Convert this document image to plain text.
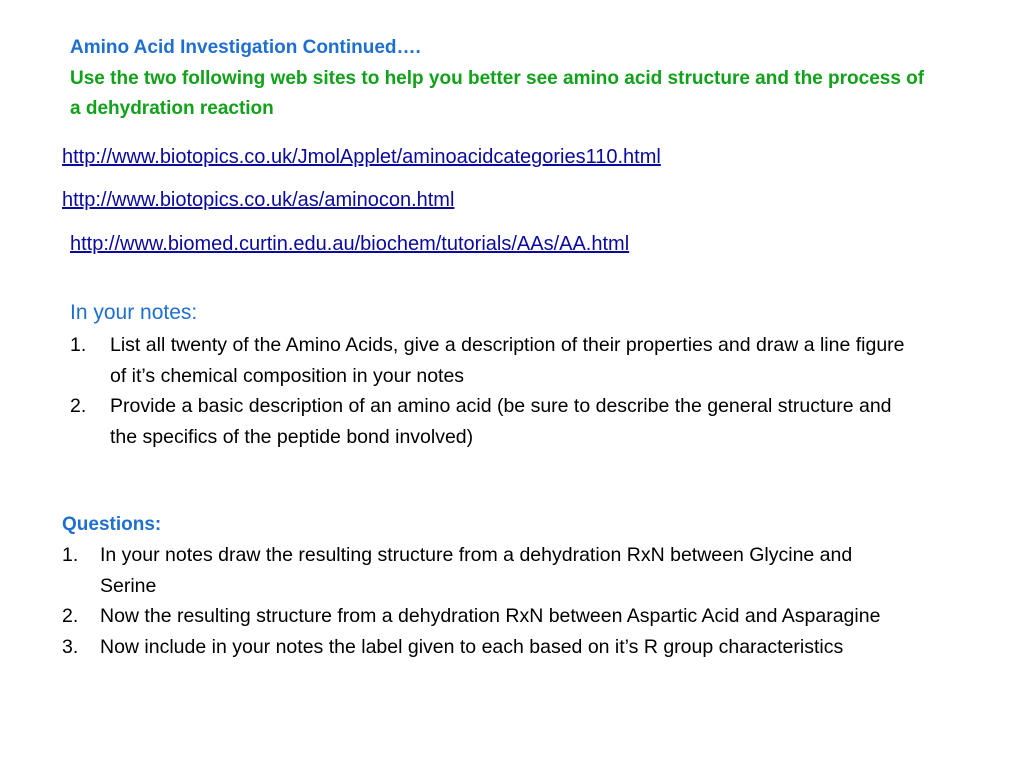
Amino Acid Investigation Continued….
Use the two following web sites to help you better see amino acid structure and the process of a dehydration reaction
http://www.biotopics.co.uk/JmolApplet/aminoacidcategories110.html
http://www.biotopics.co.uk/as/aminocon.html
http://www.biomed.curtin.edu.au/biochem/tutorials/AAs/AA.html
In your notes:
1. List all twenty of the Amino Acids, give a description of their properties and draw a line figure of it’s chemical composition in your notes
2. Provide a basic description of an amino acid (be sure to describe the general structure and the specifics of the peptide bond involved)
Questions:
1. In your notes draw the resulting structure from a dehydration RxN between Glycine and Serine
2. Now the resulting structure from a dehydration RxN between Aspartic Acid and Asparagine
3. Now include in your notes the label given to each based on it’s R group characteristics
